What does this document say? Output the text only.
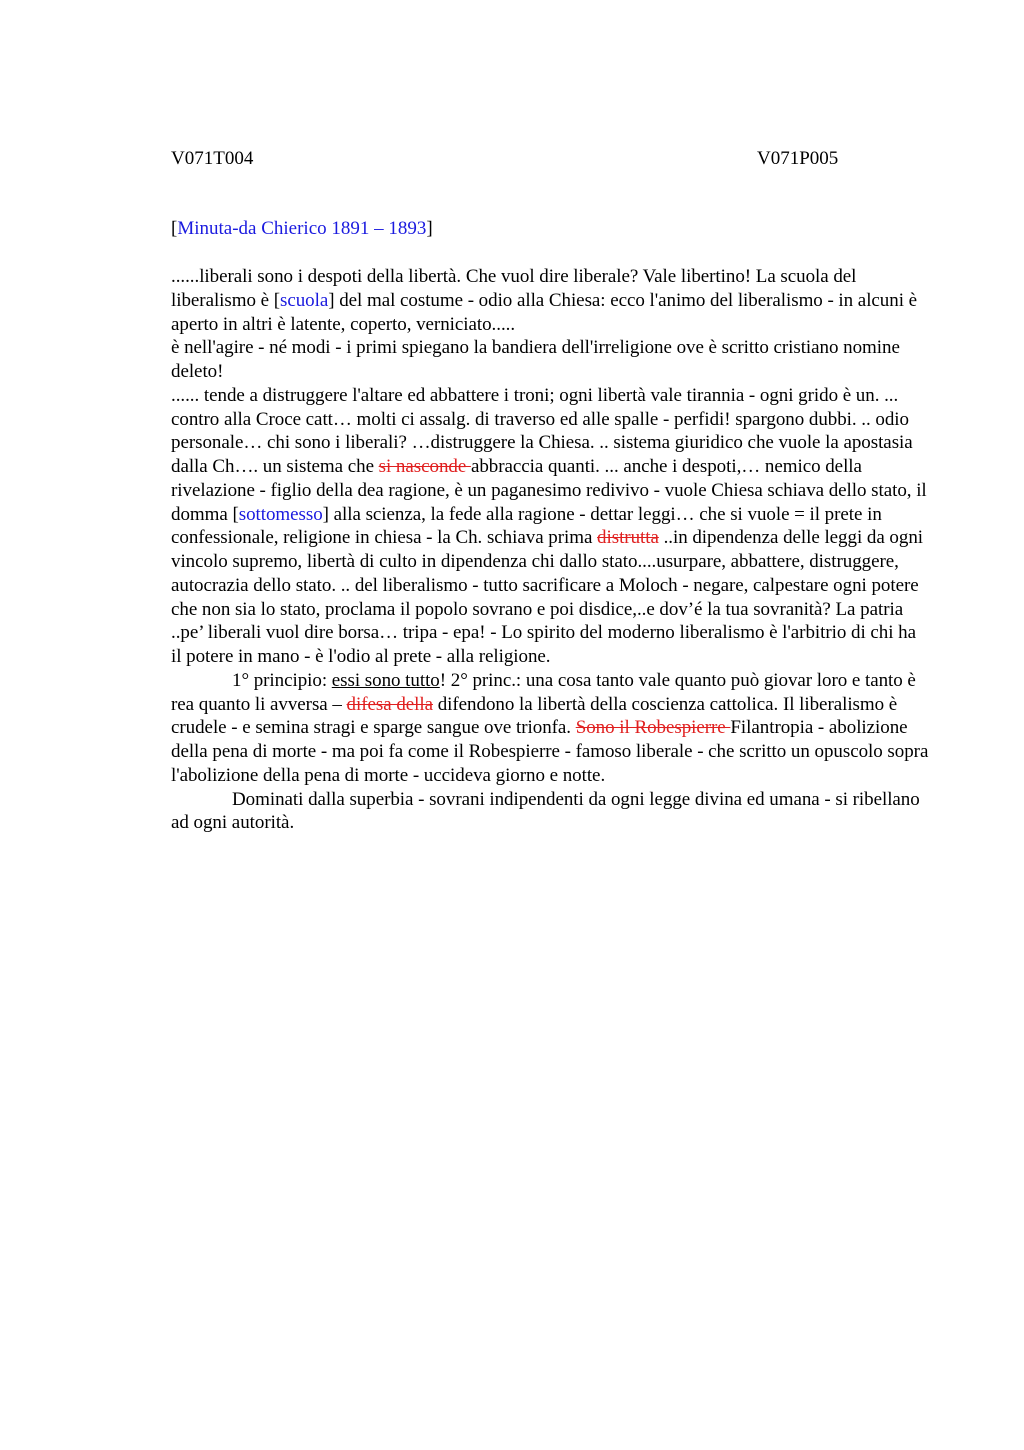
V071T004	V071P005
[Minuta-da Chierico 1891 – 1893]

......liberali sono i despoti della libertà. Che vuol dire liberale? Vale libertino! La scuola del liberalismo è [scuola] del mal costume - odio alla Chiesa: ecco l'animo del liberalismo - in alcuni è aperto in altri è latente, coperto, verniciato.....

è nell'agire - né modi - i primi spiegano la bandiera dell'irreligione ove è scritto cristiano nomine deleto!

...... tende a distruggere l'altare ed abbattere i troni; ogni libertà vale tirannia - ogni grido è un. ... contro alla Croce catt… molti ci assalg. di traverso ed alle spalle - perfidi! spargono dubbi. .. odio personale… chi sono i liberali? …distruggere la Chiesa. .. sistema giuridico che vuole la apostasia dalla Ch…. un sistema che si nasconde abbraccia quanti. ... anche i despoti,… nemico della rivelazione - figlio della dea ragione, è un paganesimo redivivo - vuole Chiesa schiava dello stato, il domma [sottomesso] alla scienza, la fede alla ragione - dettar leggi… che si vuole = il prete in confessionale, religione in chiesa - la Ch. schiava prima distrutta ..in dipendenza delle leggi da ogni vincolo supremo, libertà di culto in dipendenza chi dallo stato....usurpare, abbattere, distruggere, autocrazia dello stato. .. del liberalismo - tutto sacrificare a Moloch - negare, calpestare ogni potere che non sia lo stato, proclama il popolo sovrano e poi disdice,..e dov’é la tua sovranità? La patria ..pe’ liberali vuol dire borsa… tripa - epa! - Lo spirito del moderno liberalismo è l'arbitrio di chi ha il potere in mano - è l'odio al prete - alla religione.

1° principio: essi sono tutto! 2° princ.: una cosa tanto vale quanto può giovar loro e tanto è rea quanto li avversa – difesa della difendono la libertà della coscienza cattolica. Il liberalismo è crudele - e semina stragi e sparge sangue ove trionfa. Sono il Robespierre Filantropia - abolizione della pena di morte - ma poi fa come il Robespierre - famoso liberale - che scritto un opuscolo sopra l'abolizione della pena di morte - uccideva giorno e notte.

Dominati dalla superbia - sovrani indipendenti da ogni legge divina ed umana - si ribellano ad ogni autorità.
